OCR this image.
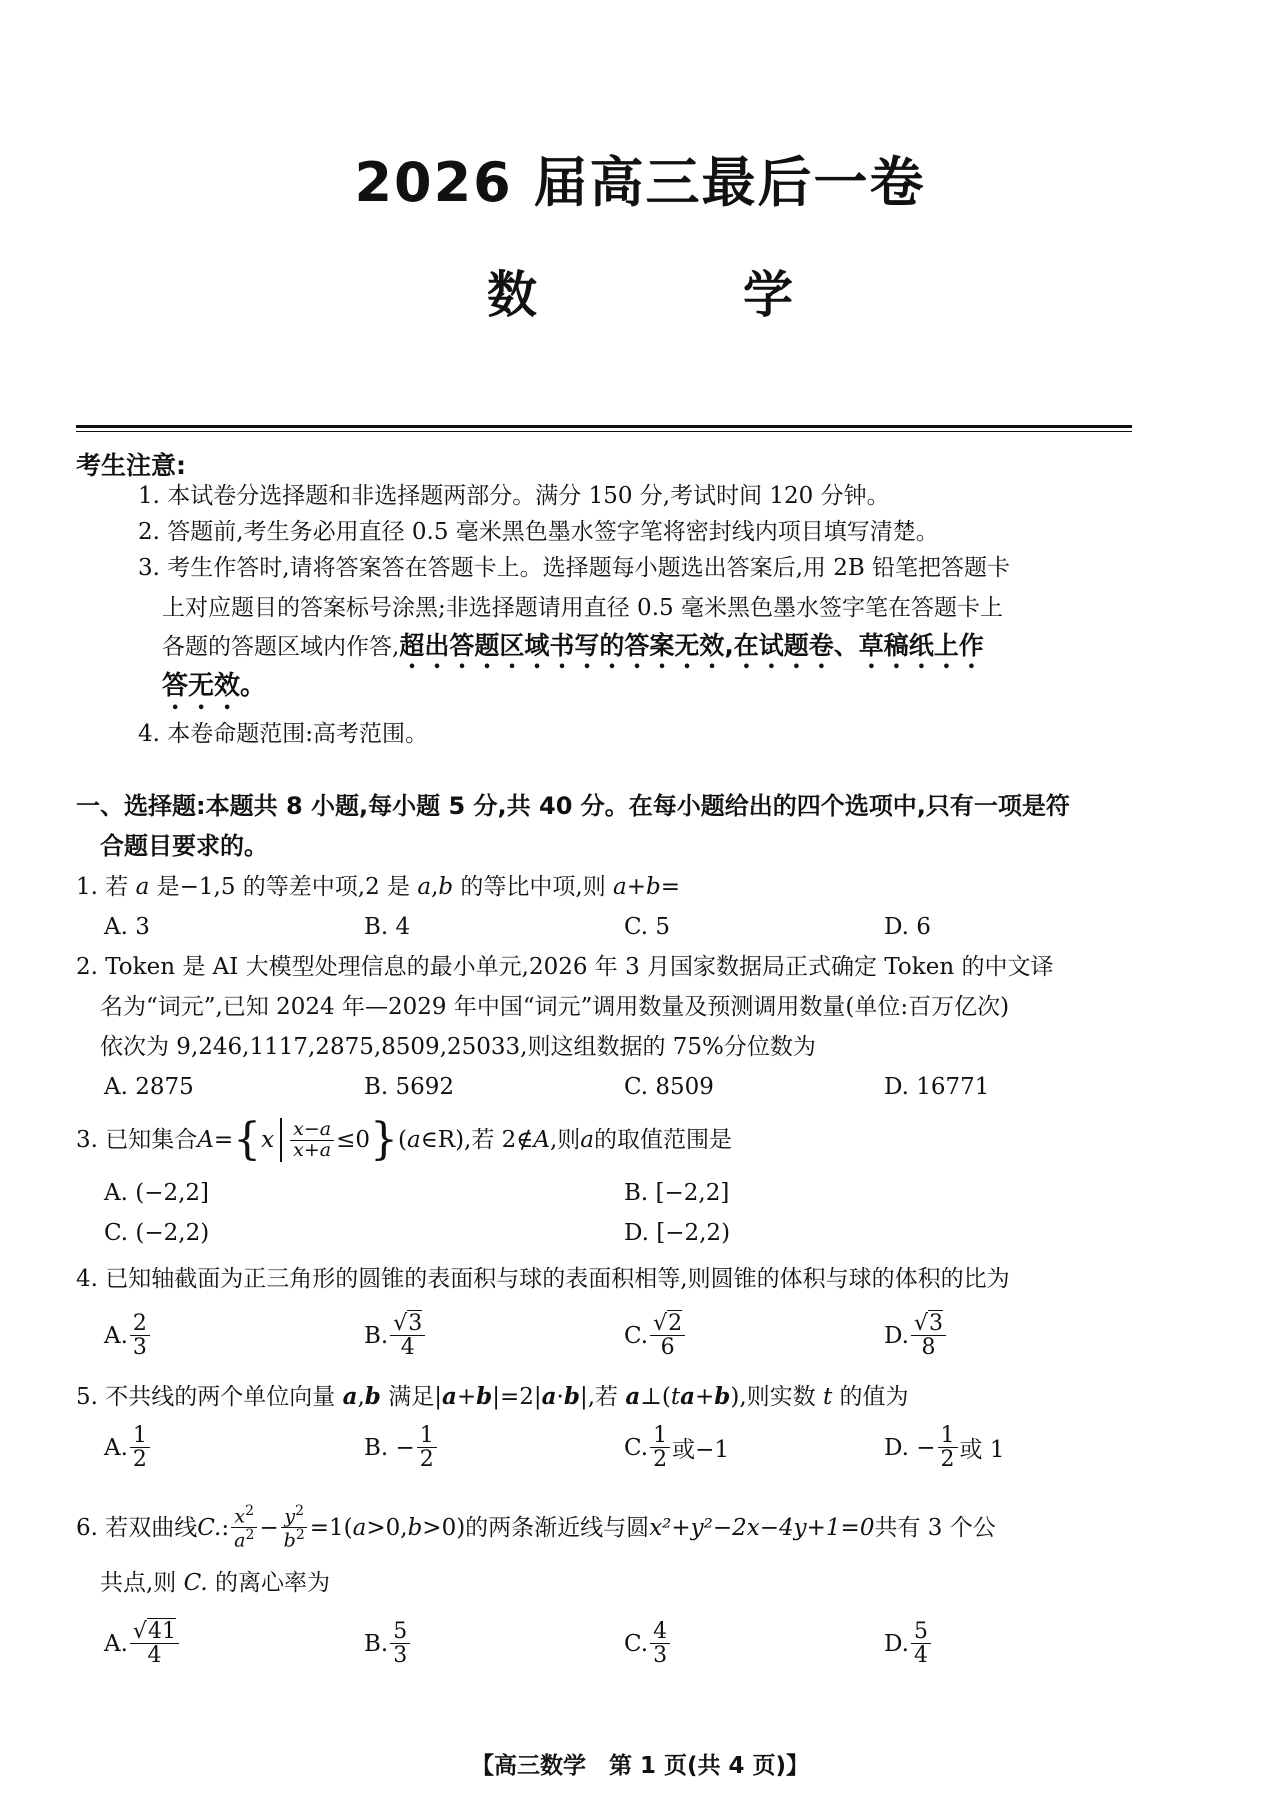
2026 届高三最后一卷
数　学
考生注意:
1. 本试卷分选择题和非选择题两部分。满分 150 分,考试时间 120 分钟。
2. 答题前,考生务必用直径 0.5 毫米黑色墨水签字笔将密封线内项目填写清楚。
3. 考生作答时,请将答案答在答题卡上。选择题每小题选出答案后,用 2B 铅笔把答题卡
上对应题目的答案标号涂黑;非选择题请用直径 0.5 毫米黑色墨水签字笔在答题卡上
各题的答题区域内作答,超出答题区域书写的答案无效,在试题卷、草稿纸上作
答无效。
4. 本卷命题范围:高考范围。
一、选择题:本题共 8 小题,每小题 5 分,共 40 分。在每小题给出的四个选项中,只有一项是符
合题目要求的。
1. 若 a 是−1,5 的等差中项,2 是 a,b 的等比中项,则 a+b=
A. 3	B. 4	C. 5	D. 6
2. Token 是 AI 大模型处理信息的最小单元,2026 年 3 月国家数据局正式确定 Token 的中文译
名为“词元”,已知 2024 年—2029 年中国“词元”调用数量及预测调用数量(单位:百万亿次)
依次为 9,246,1117,2875,8509,25033,则这组数据的 75%分位数为
A. 2875	B. 5692	C. 8509	D. 16771
3. 已知集合 A = { x $\frac{x-a}{x+a} \le 0$ } ( a ∈R),若 2∉ A ,则 a 的取值范围是
A. (−2,2]	B. [−2,2]
C. (−2,2)	D. [−2,2)
4. 已知轴截面为正三角形的圆锥的表面积与球的表面积相等,则圆锥的体积与球的体积的比为
A. $\frac{2}{3}$	B. $\frac{√3}{4}$	C. $\frac{√2}{6}$	D. $\frac{√3}{8}$
5. 不共线的两个单位向量 a,b 满足|a+b|=2|a·b|,若 a⊥(ta+b),则实数 t 的值为
A. $\frac{1}{2}$	B. − $\frac{1}{2}$	C. $\frac{1}{2}$ 或−1	D. − $\frac{1}{2}$ 或 1
6. 若双曲线 C. : $\frac{x^2}{a^2} - \frac{y^2}{b^2} =1$( a >0, b >0)的两条渐近线与圆 x²+y²−2x−4y+1=0 共有 3 个公
共点,则 C. 的离心率为
A. $\frac{√41}{4}$	B. $\frac{5}{3}$	C. $\frac{4}{3}$	D. $\frac{5}{4}$
【高三数学　第 1 页(共 4 页)】
